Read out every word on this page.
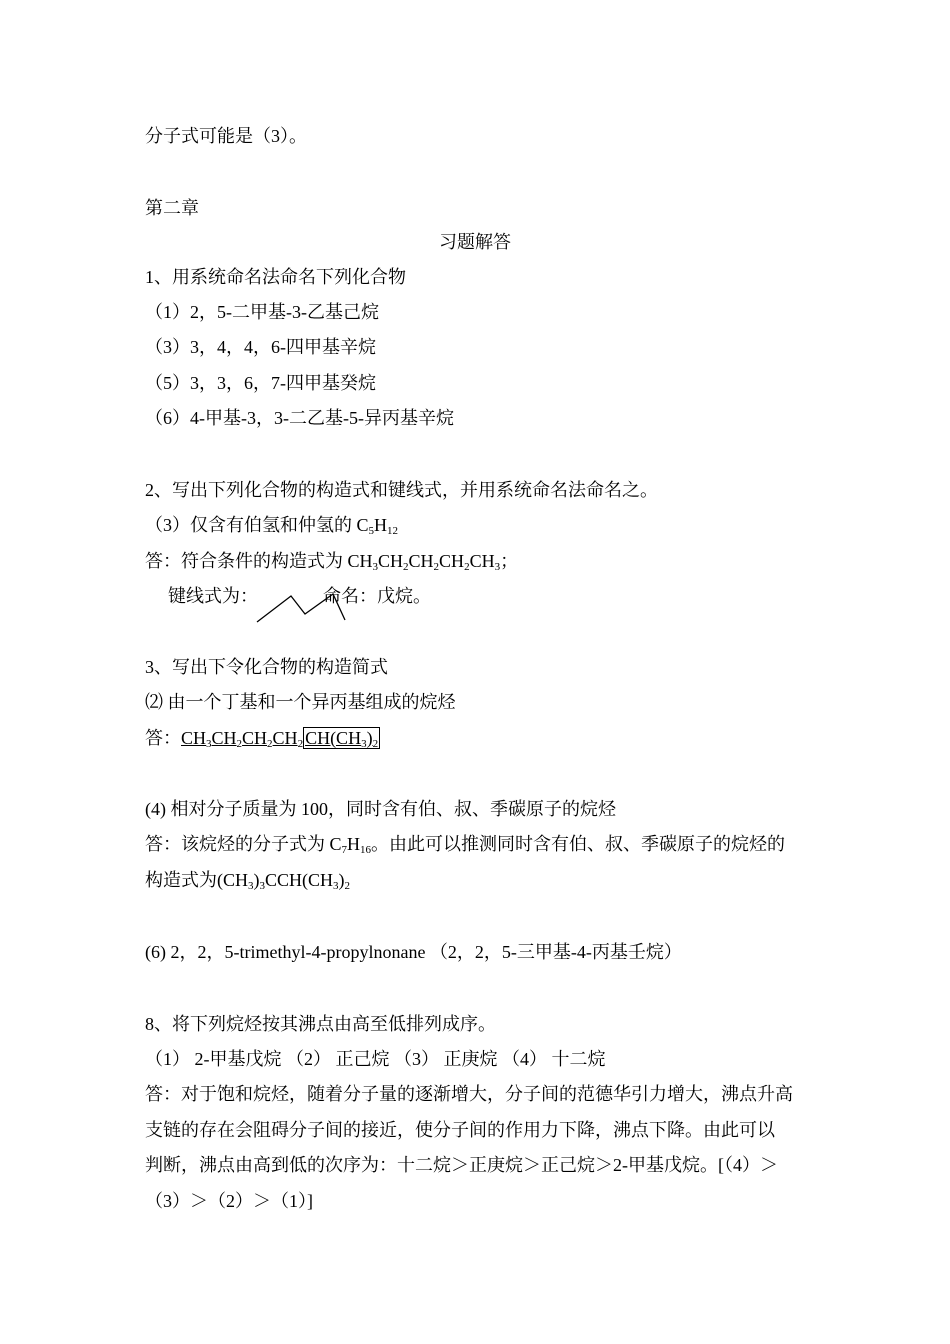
分子式可能是（3）。
第二章
习题解答
1、用系统命名法命名下列化合物
（1）2，5-二甲基-3-乙基己烷
（3）3，4，4，6-四甲基辛烷
（5）3，3，6，7-四甲基癸烷
（6）4-甲基-3，3-二乙基-5-异丙基辛烷
2、写出下列化合物的构造式和键线式，并用系统命名法命名之。
（3）仅含有伯氢和仲氢的 $C_5H_{12}$
答：符合条件的构造式为 $CH_3CH_2CH_2CH_2CH_3$；
键线式为：	命名：戊烷。
3、写出下令化合物的构造简式
⑵ 由一个丁基和一个异丙基组成的烷烃
答：$CH_3CH_2CH_2CH_2$ $CH(CH_3)_2$
(4) 相对分子质量为 100，同时含有伯、叔、季碳原子的烷烃
答：该烷烃的分子式为 $C_7H_{16}$。由此可以推测同时含有伯、叔、季碳原子的烷烃的
构造式为$(CH_3)_3CCH(CH_3)_2$
(6) 2，2，5-trimethyl-4-propylnonane （2，2，5-三甲基-4-丙基壬烷）
8、将下列烷烃按其沸点由高至低排列成序。
（1） 2-甲基戊烷 （2） 正己烷 （3） 正庚烷 （4） 十二烷
答：对于饱和烷烃，随着分子量的逐渐增大，分子间的范德华引力增大，沸点升高
支链的存在会阻碍分子间的接近，使分子间的作用力下降，沸点下降。由此可以
判断，沸点由高到低的次序为：十二烷＞正庚烷＞正己烷＞2-甲基戊烷。[（4）＞
（3）＞（2）＞（1）]
